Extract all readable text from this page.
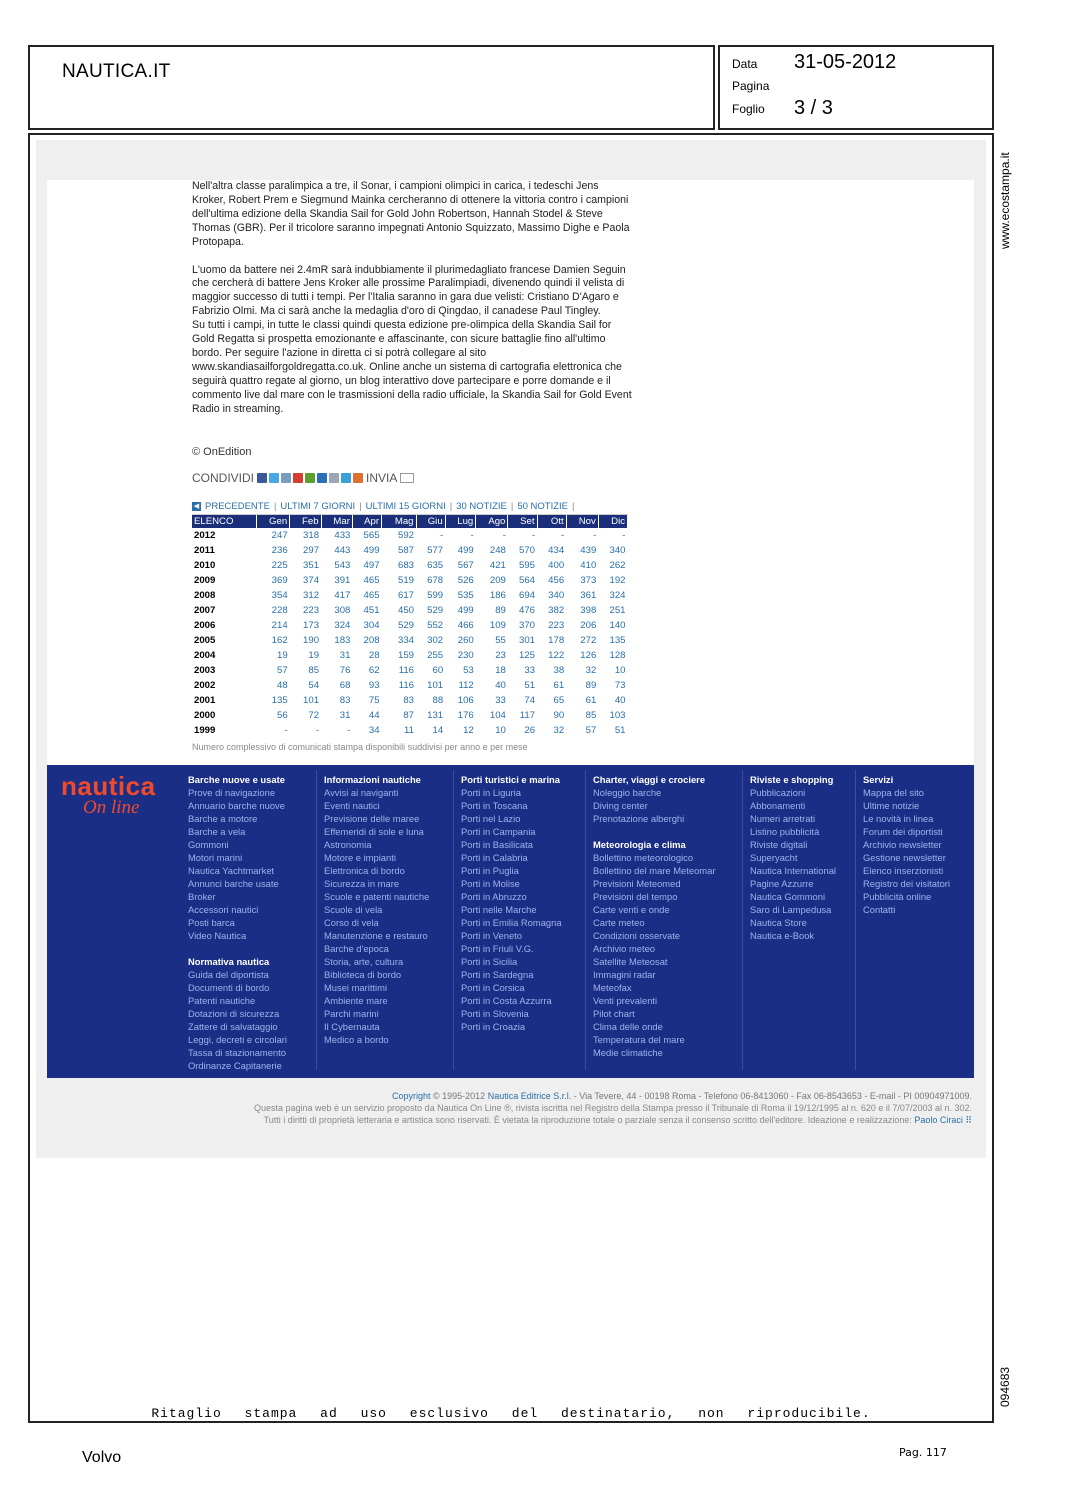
NAUTICA.IT	Data 31-05-2012
Pagina
Foglio 3 / 3
www.ecostampa.it
094683

Nell'altra classe paralimpica a tre, il Sonar, i campioni olimpici in carica, i tedeschi Jens Kroker, Robert Prem e Siegmund Mainka cercheranno di ottenere la vittoria contro i campioni dell'ultima edizione della Skandia Sail for Gold John Robertson, Hannah Stodel & Steve Thomas (GBR). Per il tricolore saranno impegnati Antonio Squizzato, Massimo Dighe e Paola Protopapa.

L'uomo da battere nei 2.4mR sarà indubbiamente il plurimedagliato francese Damien Seguin che cercherà di battere Jens Kroker alle prossime Paralimpiadi, divenendo quindi il velista di maggior successo di tutti i tempi. Per l'Italia saranno in gara due velisti: Cristiano D'Agaro e Fabrizio Olmi. Ma ci sarà anche la medaglia d'oro di Qingdao, il canadese Paul Tingley.

Su tutti i campi, in tutte le classi quindi questa edizione pre-olimpica della Skandia Sail for Gold Regatta si prospetta emozionante e affascinante, con sicure battaglie fino all'ultimo bordo. Per seguire l'azione in diretta ci si potrà collegare al sito www.skandiasailforgoldregatta.co.uk. Online anche un sistema di cartografia elettronica che seguirà quattro regate al giorno, un blog interattivo dove partecipare e porre domande e il commento live dal mare con le trasmissioni della radio ufficiale, la Skandia Sail for Gold Event Radio in streaming.

© OnEdition
CONDIVIDI	INVIA
◀ PRECEDENTE | ULTIMI 7 GIORNI | ULTIMI 15 GIORNI | 30 NOTIZIE | 50 NOTIZIE |
ELENCO	Gen	Feb	Mar	Apr	Mag	Giu	Lug	Ago	Set	Ott	Nov	Dic
2012	247	318	433	565	592	-	-	-	-	-	-	-
2011	236	297	443	499	587	577	499	248	570	434	439	340
2010	225	351	543	497	683	635	567	421	595	400	410	262
2009	369	374	391	465	519	678	526	209	564	456	373	192
2008	354	312	417	465	617	599	535	186	694	340	361	324
2007	228	223	308	451	450	529	499	89	476	382	398	251
2006	214	173	324	304	529	552	466	109	370	223	206	140
2005	162	190	183	208	334	302	260	55	301	178	272	135
2004	19	19	31	28	159	255	230	23	125	122	126	128
2003	57	85	76	62	116	60	53	18	33	38	32	10
2002	48	54	68	93	116	101	112	40	51	61	89	73
2001	135	101	83	75	83	88	106	33	74	65	61	40
2000	56	72	31	44	87	131	176	104	117	90	85	103
1999	-	-	-	34	11	14	12	10	26	32	57	51
Numero complessivo di comunicati stampa disponibili suddivisi per anno e per mese
nautica
On line
Barche nuove e usate
Prove di navigazione
Annuario barche nuove
Barche a motore
Barche a vela
Gommoni
Motori marini
Nautica Yachtmarket
Annunci barche usate
Broker
Accessori nautici
Posti barca
Video Nautica
Normativa nautica
Guida del diportista
Documenti di bordo
Patenti nautiche
Dotazioni di sicurezza
Zattere di salvataggio
Leggi, decreti e circolari
Tassa di stazionamento
Ordinanze Capitanerie
Informazioni nautiche
Avvisi ai naviganti
Eventi nautici
Previsione delle maree
Effemeridi di sole e luna
Astronomia
Motore e impianti
Elettronica di bordo
Sicurezza in mare
Scuole e patenti nautiche
Scuole di vela
Corso di vela
Manutenzione e restauro
Barche d'epoca
Storia, arte, cultura
Biblioteca di bordo
Musei marittimi
Ambiente mare
Parchi marini
Il Cybernauta
Medico a bordo
Porti turistici e marina
Porti in Liguria
Porti in Toscana
Porti nel Lazio
Porti in Campania
Porti in Basilicata
Porti in Calabria
Porti in Puglia
Porti in Molise
Porti in Abruzzo
Porti nelle Marche
Porti in Emilia Romagna
Porti in Veneto
Porti in Friuli V.G.
Porti in Sicilia
Porti in Sardegna
Porti in Corsica
Porti in Costa Azzurra
Porti in Slovenia
Porti in Croazia
Charter, viaggi e crociere
Noleggio barche
Diving center
Prenotazione alberghi
Meteorologia e clima
Bollettino meteorologico
Bollettino del mare Meteomar
Previsioni Meteomed
Previsioni del tempo
Carte venti e onde
Carte meteo
Condizioni osservate
Archivio meteo
Satellite Meteosat
Immagini radar
Meteofax
Venti prevalenti
Pilot chart
Clima delle onde
Temperatura del mare
Medie climatiche
Riviste e shopping
Pubblicazioni
Abbonamenti
Numeri arretrati
Listino pubblicità
Riviste digitali
Superyacht
Nautica International
Pagine Azzurre
Nautica Gommoni
Saro di Lampedusa
Nautica Store
Nautica e-Book
Servizi
Mappa del sito
Ultime notizie
Le novità in linea
Forum dei diportisti
Archivio newsletter
Gestione newsletter
Elenco inserzionisti
Registro dei visitatori
Pubblicità online
Contatti
Copyright © 1995-2012 Nautica Editrice S.r.l. - Via Tevere, 44 - 00198 Roma - Telefono 06-8413060 - Fax 06-8543653 - E-mail - PI 00904971009.
Questa pagina web è un servizio proposto da Nautica On Line ®, rivista iscritta nel Registro della Stampa presso il Tribunale di Roma il 19/12/1995 al n. 620 e il 7/07/2003 al n. 302.
Tutti i diritti di proprietà letteraria e artistica sono riservati. È vietata la riproduzione totale o parziale senza il consenso scritto dell'editore. Ideazione e realizzazione: Paolo Ciraci ⠿
Ritaglio stampa ad uso esclusivo del destinatario, non riproducibile.
Volvo	Pag. 117
